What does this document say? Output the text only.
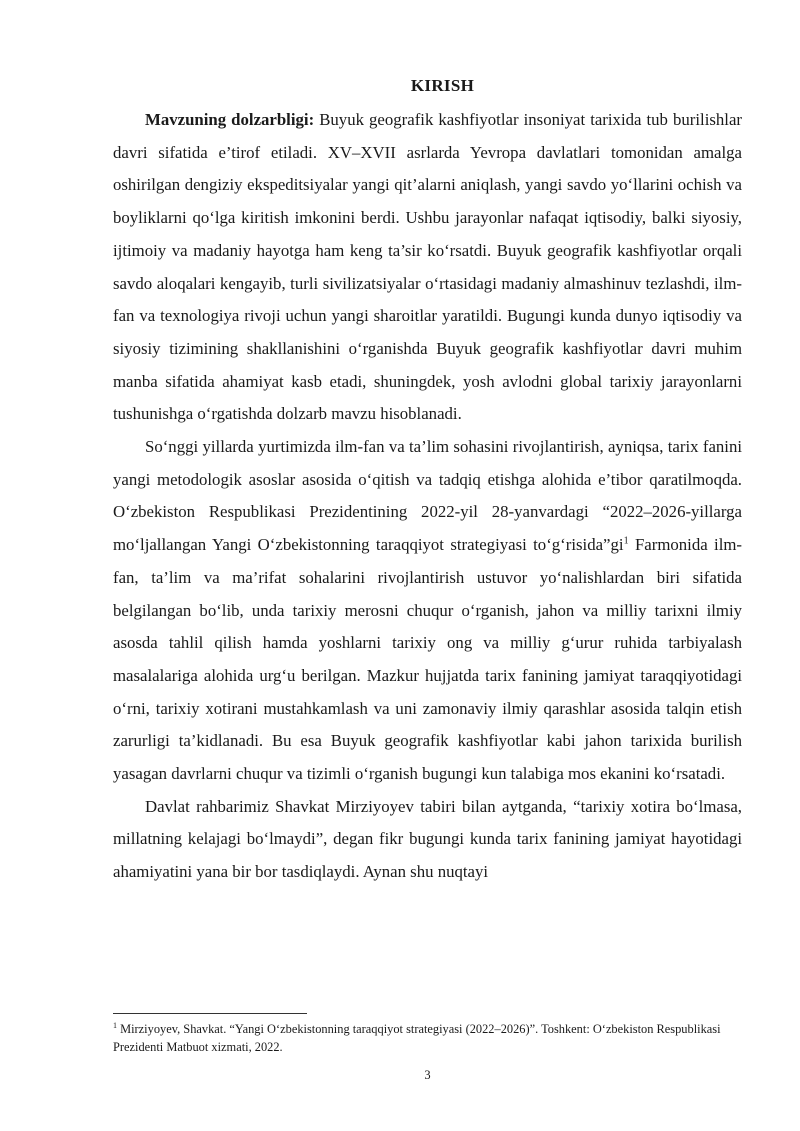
KIRISH

Mavzuning dolzarbligi: Buyuk geografik kashfiyotlar insoniyat tarixida tub burilishlar davri sifatida e’tirof etiladi. XV–XVII asrlarda Yevropa davlatlari tomonidan amalga oshirilgan dengiziy ekspeditsiyalar yangi qit’alarni aniqlash, yangi savdo yo‘llarini ochish va boyliklarni qo‘lga kiritish imkonini berdi. Ushbu jarayonlar nafaqat iqtisodiy, balki siyosiy, ijtimoiy va madaniy hayotga ham keng ta’sir ko‘rsatdi. Buyuk geografik kashfiyotlar orqali savdo aloqalari kengayib, turli sivilizatsiyalar o‘rtasidagi madaniy almashinuv tezlashdi, ilm-fan va texnologiya rivoji uchun yangi sharoitlar yaratildi. Bugungi kunda dunyo iqtisodiy va siyosiy tizimining shakllanishini o‘rganishda Buyuk geografik kashfiyotlar davri muhim manba sifatida ahamiyat kasb etadi, shuningdek, yosh avlodni global tarixiy jarayonlarni tushunishga o‘rgatishda dolzarb mavzu hisoblanadi.

So‘nggi yillarda yurtimizda ilm-fan va ta’lim sohasini rivojlantirish, ayniqsa, tarix fanini yangi metodologik asoslar asosida o‘qitish va tadqiq etishga alohida e’tibor qaratilmoqda. O‘zbekiston Respublikasi Prezidentining 2022-yil 28-yanvardagi “2022–2026-yillarga mo‘ljallangan Yangi O‘zbekistonning taraqqiyot strategiyasi $to‘g‘risida”gi^1$ Farmonida ilm-fan, ta’lim va ma’rifat sohalarini rivojlantirish ustuvor yo‘nalishlardan biri sifatida belgilangan bo‘lib, unda tarixiy merosni chuqur o‘rganish, jahon va milliy tarixni ilmiy asosda tahlil qilish hamda yoshlarni tarixiy ong va milliy g‘urur ruhida tarbiyalash masalalariga alohida urg‘u berilgan. Mazkur hujjatda tarix fanining jamiyat taraqqiyotidagi o‘rni, tarixiy xotirani mustahkamlash va uni zamonaviy ilmiy qarashlar asosida talqin etish zarurligi ta’kidlanadi. Bu esa Buyuk geografik kashfiyotlar kabi jahon tarixida burilish yasagan davrlarni chuqur va tizimli o‘rganish bugungi kun talabiga mos ekanini ko‘rsatadi.

Davlat rahbarimiz Shavkat Mirziyoyev tabiri bilan aytganda, “tarixiy xotira bo‘lmasa, millatning kelajagi bo‘lmaydi”, degan fikr bugungi kunda tarix fanining jamiyat hayotidagi ahamiyatini yana bir bor tasdiqlaydi. Aynan shu nuqtayi

$^1$ Mirziyoyev, Shavkat. “Yangi O‘zbekistonning taraqqiyot strategiyasi (2022–2026)”. Toshkent: O‘zbekiston Respublikasi Prezidenti Matbuot xizmati, 2022.
3
